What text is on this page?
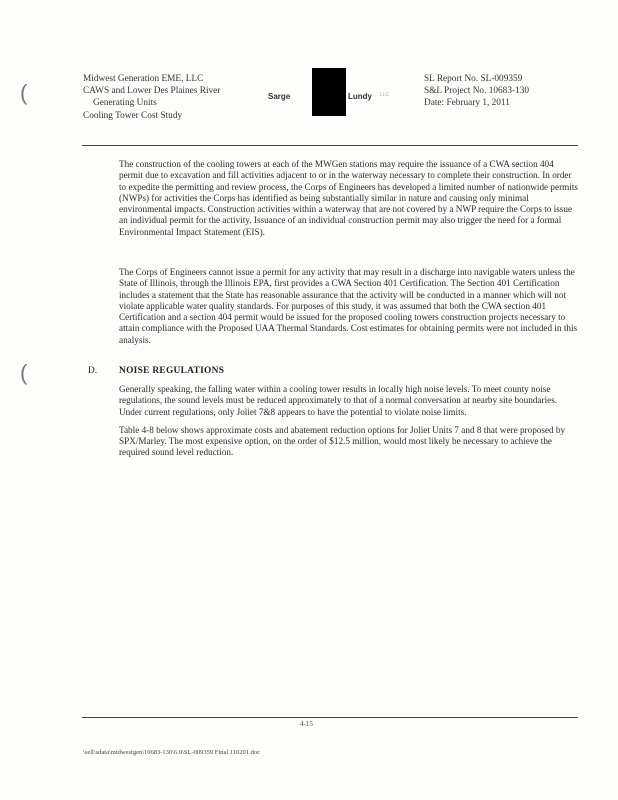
(
(
Midwest Generation EME, LLC
CAWS and Lower Des Plaines River
Generating Units
Cooling Tower Cost Study
Sarge	Lundy LLC
SL Report No. SL-009359
S&L Project No. 10683-130
Date: February 1, 2011

The construction of the cooling towers at each of the MWGen stations may require the issuance of a CWA section 404 permit due to excavation and fill activities adjacent to or in the waterway necessary to complete their construction. In order to expedite the permitting and review process, the Corps of Engineers has developed a limited number of nationwide permits (NWPs) for activities the Corps has identified as being substantially similar in nature and causing only minimal environmental impacts. Construction activities within a waterway that are not covered by a NWP require the Corps to issue an individual permit for the activity. Issuance of an individual construction permit may also trigger the need for a formal Environmental Impact Statement (EIS).

The Corps of Engineers cannot issue a permit for any activity that may result in a discharge into navigable waters unless the State of Illinois, through the Illinois EPA, first provides a CWA Section 401 Certification. The Section 401 Certification includes a statement that the State has reasonable assurance that the activity will be conducted in a manner which will not violate applicable water quality standards. For purposes of this study, it was assumed that both the CWA section 401 Certification and a section 404 permit would be issued for the proposed cooling towers construction projects necessary to attain compliance with the Proposed UAA Thermal Standards. Cost estimates for obtaining permits were not included in this analysis.

D. NOISE REGULATIONS

Generally speaking, the falling water within a cooling tower results in locally high noise levels. To meet county noise regulations, the sound levels must be reduced approximately to that of a normal conversation at nearby site boundaries. Under current regulations, only Joliet 7&8 appears to have the potential to violate noise limits.

Table 4-8 below shows approximate costs and abatement reduction options for Joliet Units 7 and 8 that were proposed by SPX/Marley. The most expensive option, on the order of $12.5 million, would most likely be necessary to achieve the required sound level reduction.

4-15
\sell\sdata\midwestgen\10683-130\6.0\SL-009359 Final 110201.doc
